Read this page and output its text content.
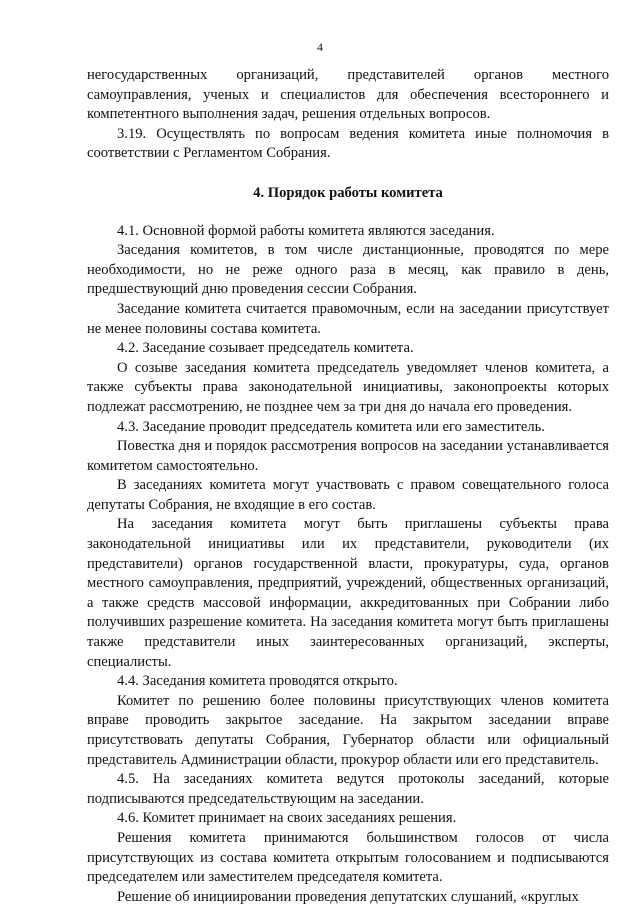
4

негосударственных организаций, представителей органов местного самоуправления, ученых и специалистов для обеспечения всестороннего и компетентного выполнения задач, решения отдельных вопросов.

3.19. Осуществлять по вопросам ведения комитета иные полномочия в соответствии с Регламентом Собрания.

4. Порядок работы комитета

4.1. Основной формой работы комитета являются заседания.

Заседания комитетов, в том числе дистанционные, проводятся по мере необходимости, но не реже одного раза в месяц, как правило в день, предшествующий дню проведения сессии Собрания.

Заседание комитета считается правомочным, если на заседании присутствует не менее половины состава комитета.

4.2. Заседание созывает председатель комитета.

О созыве заседания комитета председатель уведомляет членов комитета, а также субъекты права законодательной инициативы, законопроекты которых подлежат рассмотрению, не позднее чем за три дня до начала его проведения.

4.3. Заседание проводит председатель комитета или его заместитель.

Повестка дня и порядок рассмотрения вопросов на заседании устанавливается комитетом самостоятельно.

В заседаниях комитета могут участвовать с правом совещательного голоса депутаты Собрания, не входящие в его состав.

На заседания комитета могут быть приглашены субъекты права законодательной инициативы или их представители, руководители (их представители) органов государственной власти, прокуратуры, суда, органов местного самоуправления, предприятий, учреждений, общественных организаций, а также средств массовой информации, аккредитованных при Собрании либо получивших разрешение комитета. На заседания комитета могут быть приглашены также представители иных заинтересованных организаций, эксперты, специалисты.

4.4. Заседания комитета проводятся открыто.

Комитет по решению более половины присутствующих членов комитета вправе проводить закрытое заседание. На закрытом заседании вправе присутствовать депутаты Собрания, Губернатор области или официальный представитель Администрации области, прокурор области или его представитель.

4.5. На заседаниях комитета ведутся протоколы заседаний, которые подписываются председательствующим на заседании.

4.6. Комитет принимает на своих заседаниях решения.

Решения комитета принимаются большинством голосов от числа присутствующих из состава комитета открытым голосованием и подписываются председателем или заместителем председателя комитета.

Решение об инициировании проведения депутатских слушаний, «круглых
